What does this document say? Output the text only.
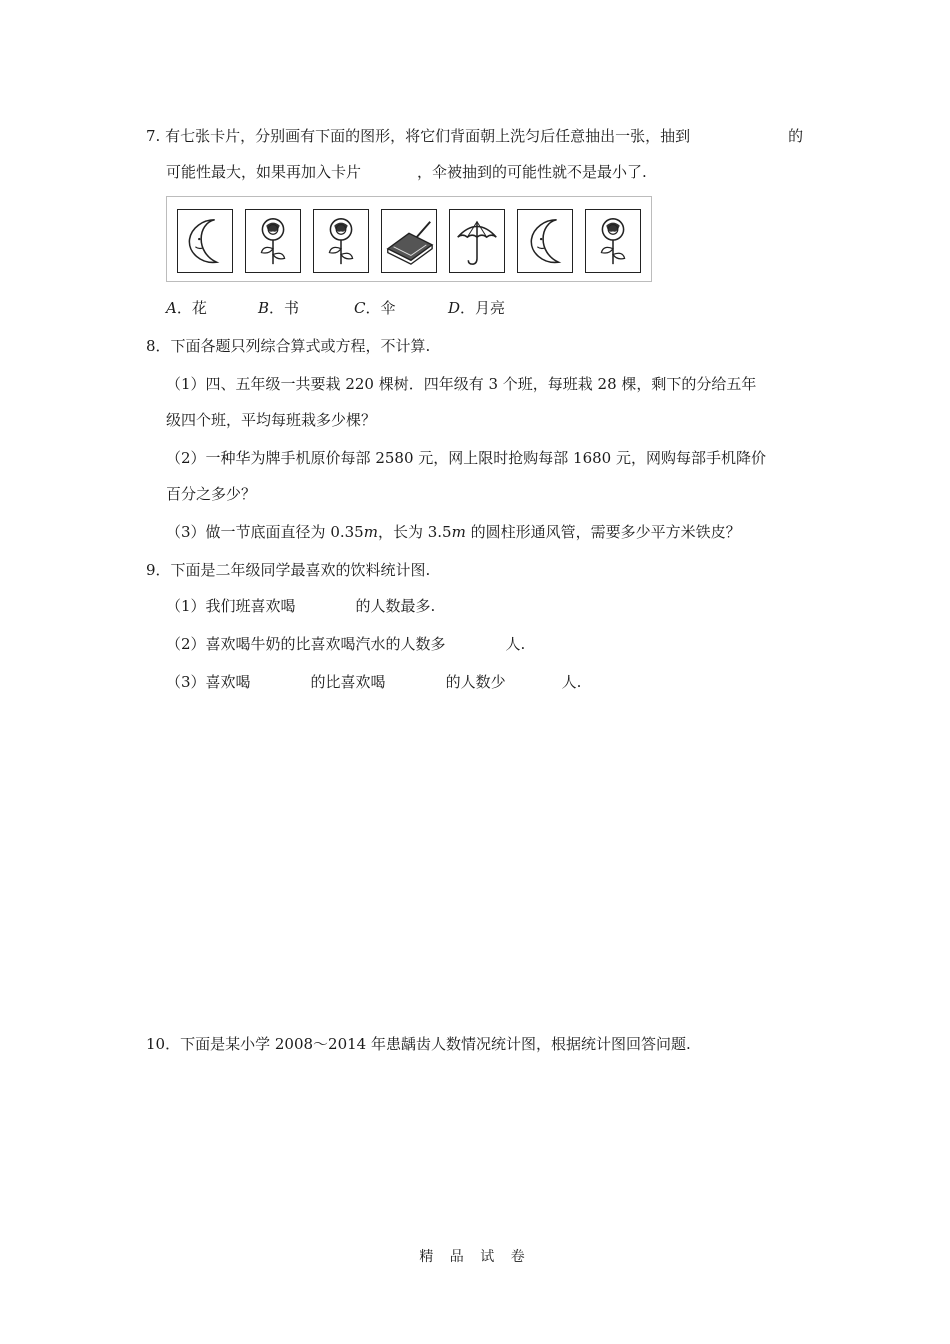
7. 有七张卡片，分别画有下面的图形，将它们背面朝上洗匀后任意抽出一张，抽到	的
可能性最大，如果再加入卡片	，伞被抽到的可能性就不是最小了.
A．花	B．书	C．伞	D．月亮
8．下面各题只列综合算式或方程，不计算.
（1）四、五年级一共要栽 220 棵树．四年级有 3 个班，每班栽 28 棵，剩下的分给五年
级四个班，平均每班栽多少棵？
（2）一种华为牌手机原价每部 2580 元，网上限时抢购每部 1680 元，网购每部手机降价
百分之多少？
（3）做一节底面直径为 0.35m，长为 3.5m 的圆柱形通风管，需要多少平方米铁皮？
9．下面是二年级同学最喜欢的饮料统计图.
（1）我们班喜欢喝	的人数最多.
（2）喜欢喝牛奶的比喜欢喝汽水的人数多	人.
（3）喜欢喝	的比喜欢喝	的人数少	人.
10．下面是某小学 2008～2014 年患龋齿人数情况统计图，根据统计图回答问题.
精 品 试 卷
